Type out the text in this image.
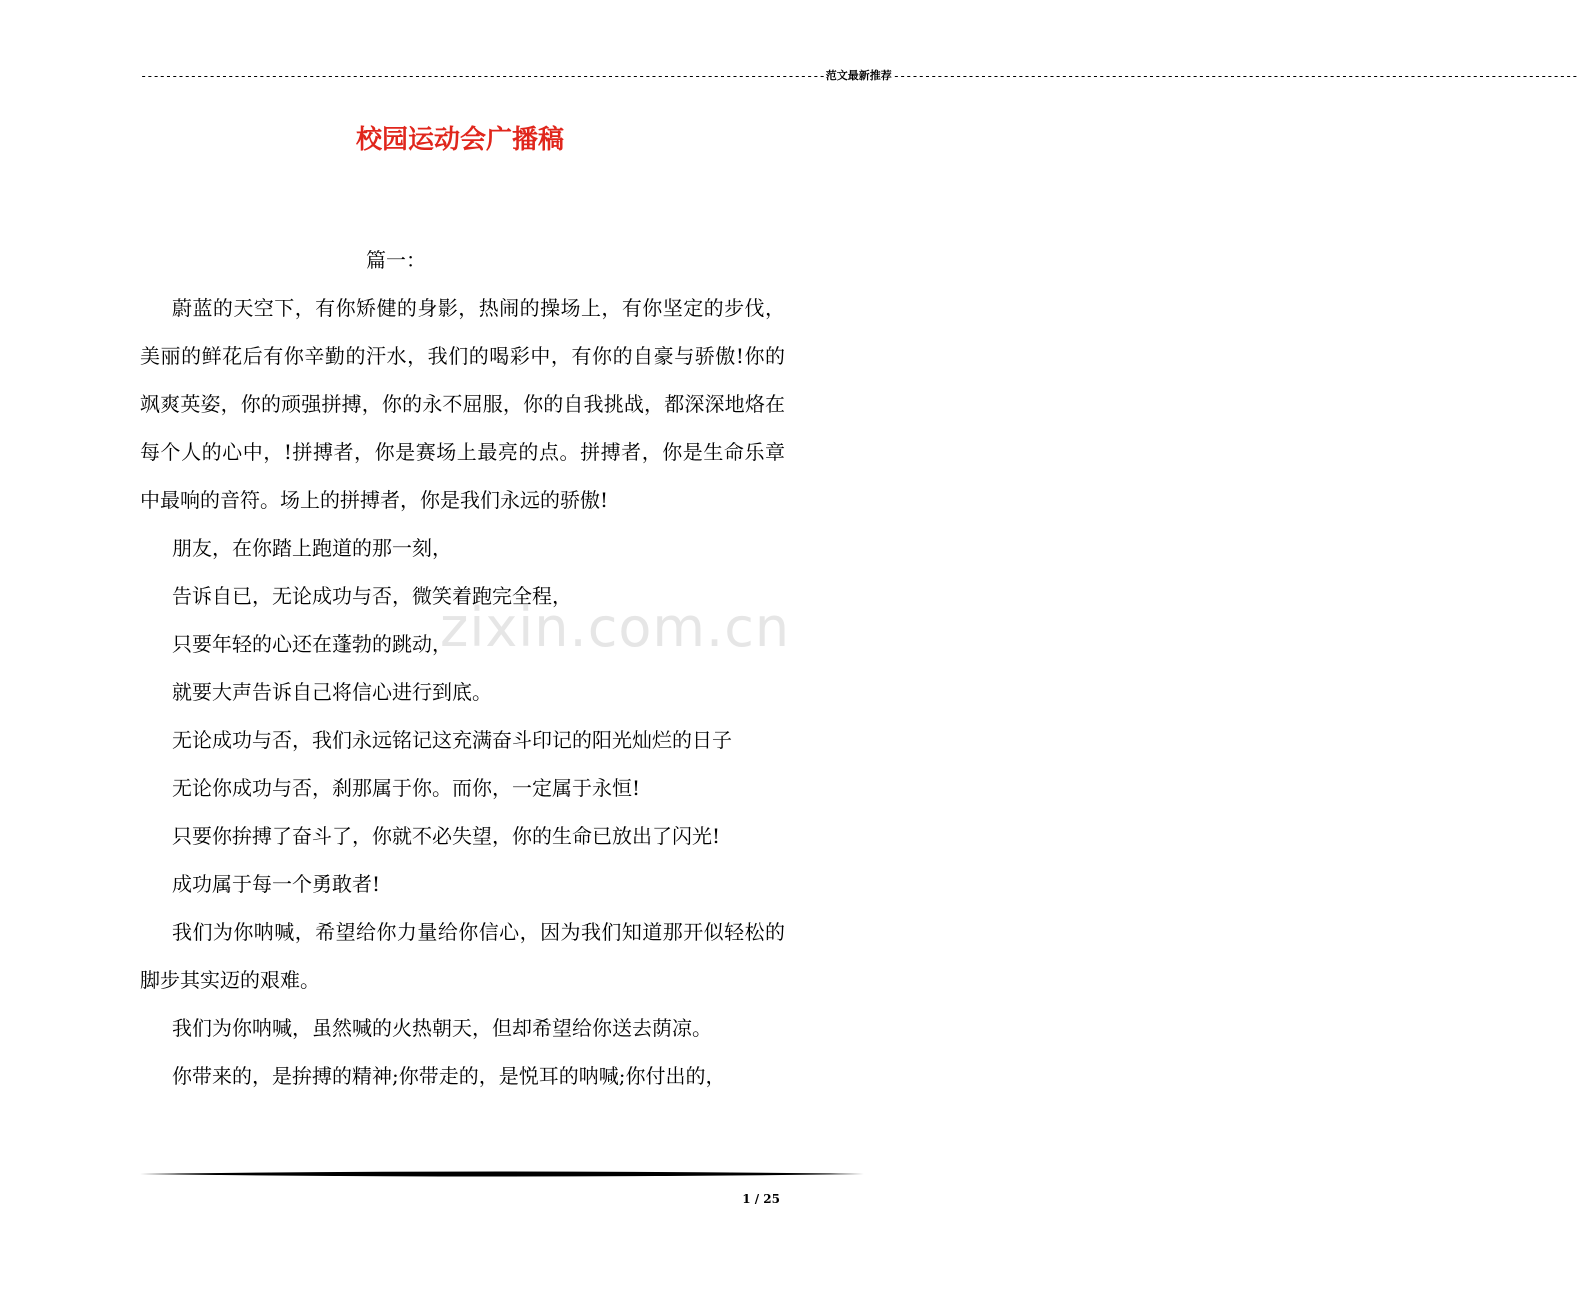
-------------------------------------------------------------------------------------------------------------- 范文最新推荐 --------------------------------------------------------------------------------------------------------------
校园运动会广播稿
zixin.com.cn

篇一：

蔚蓝的天空下，有你矫健的身影，热闹的操场上，有你坚定的步伐，美丽的鲜花后有你辛勤的汗水，我们的喝彩中，有你的自豪与骄傲!你的飒爽英姿，你的顽强拼搏，你的永不屈服，你的自我挑战，都深深地烙在每个人的心中，!拼搏者，你是赛场上最亮的点。拼搏者，你是生命乐章中最响的音符。场上的拼搏者，你是我们永远的骄傲!

朋友，在你踏上跑道的那一刻，

告诉自已，无论成功与否，微笑着跑完全程，

只要年轻的心还在蓬勃的跳动，

就要大声告诉自己将信心进行到底。

无论成功与否，我们永远铭记这充满奋斗印记的阳光灿烂的日子

无论你成功与否，刹那属于你。而你，一定属于永恒!

只要你拚搏了奋斗了，你就不必失望，你的生命已放出了闪光!

成功属于每一个勇敢者!

我们为你呐喊，希望给你力量给你信心，因为我们知道那开似轻松的脚步其实迈的艰难。

我们为你呐喊，虽然喊的火热朝天，但却希望给你送去荫凉。

你带来的，是拚搏的精神;你带走的，是悦耳的呐喊;你付出的，

1 / 25
